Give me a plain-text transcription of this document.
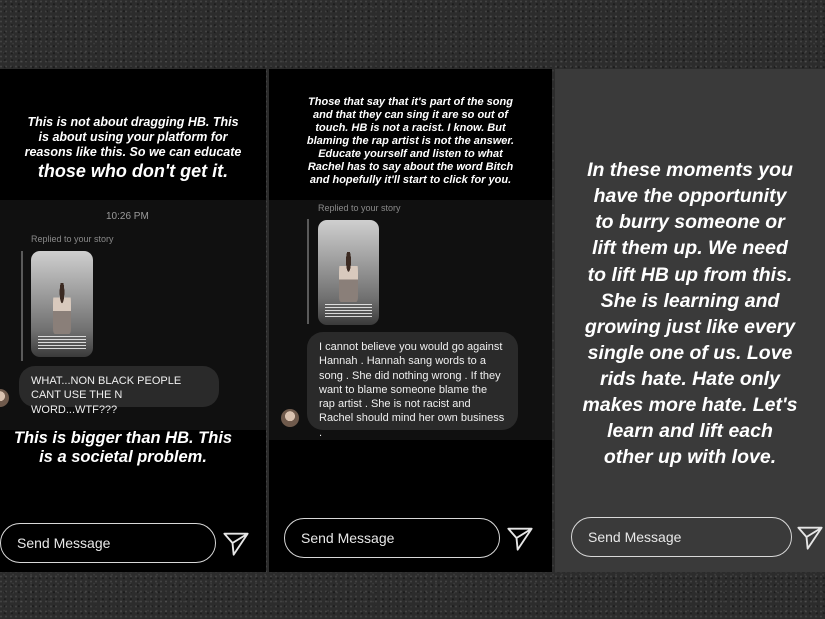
This is not about dragging HB. This
is about using your platform for
reasons like this. So we can educate
those who don't get it.
10:26 PM
Replied to your story
WHAT...NON BLACK PEOPLE CANT USE THE N WORD...WTF???
This is bigger than HB. This
is a societal problem.
Send Message
Those that say that it's part of the song
and that they can sing it are so out of
touch. HB is not a racist. I know. But
blaming the rap artist is not the answer.
Educate yourself and listen to what
Rachel has to say about the word Bitch
and hopefully it'll start to click for you.
Replied to your story
I cannot believe you would go against Hannah . Hannah sang words to a song . She did nothing wrong . If they want to blame someone blame the rap artist . She is not racist and Rachel should mind her own business .
Send Message
In these moments you
have the opportunity
to burry someone or
lift them up. We need
to lift HB up from this.
She is learning and
growing just like every
single one of us. Love
rids hate. Hate only
makes more hate. Let's
learn and lift each
other up with love.
Send Message
